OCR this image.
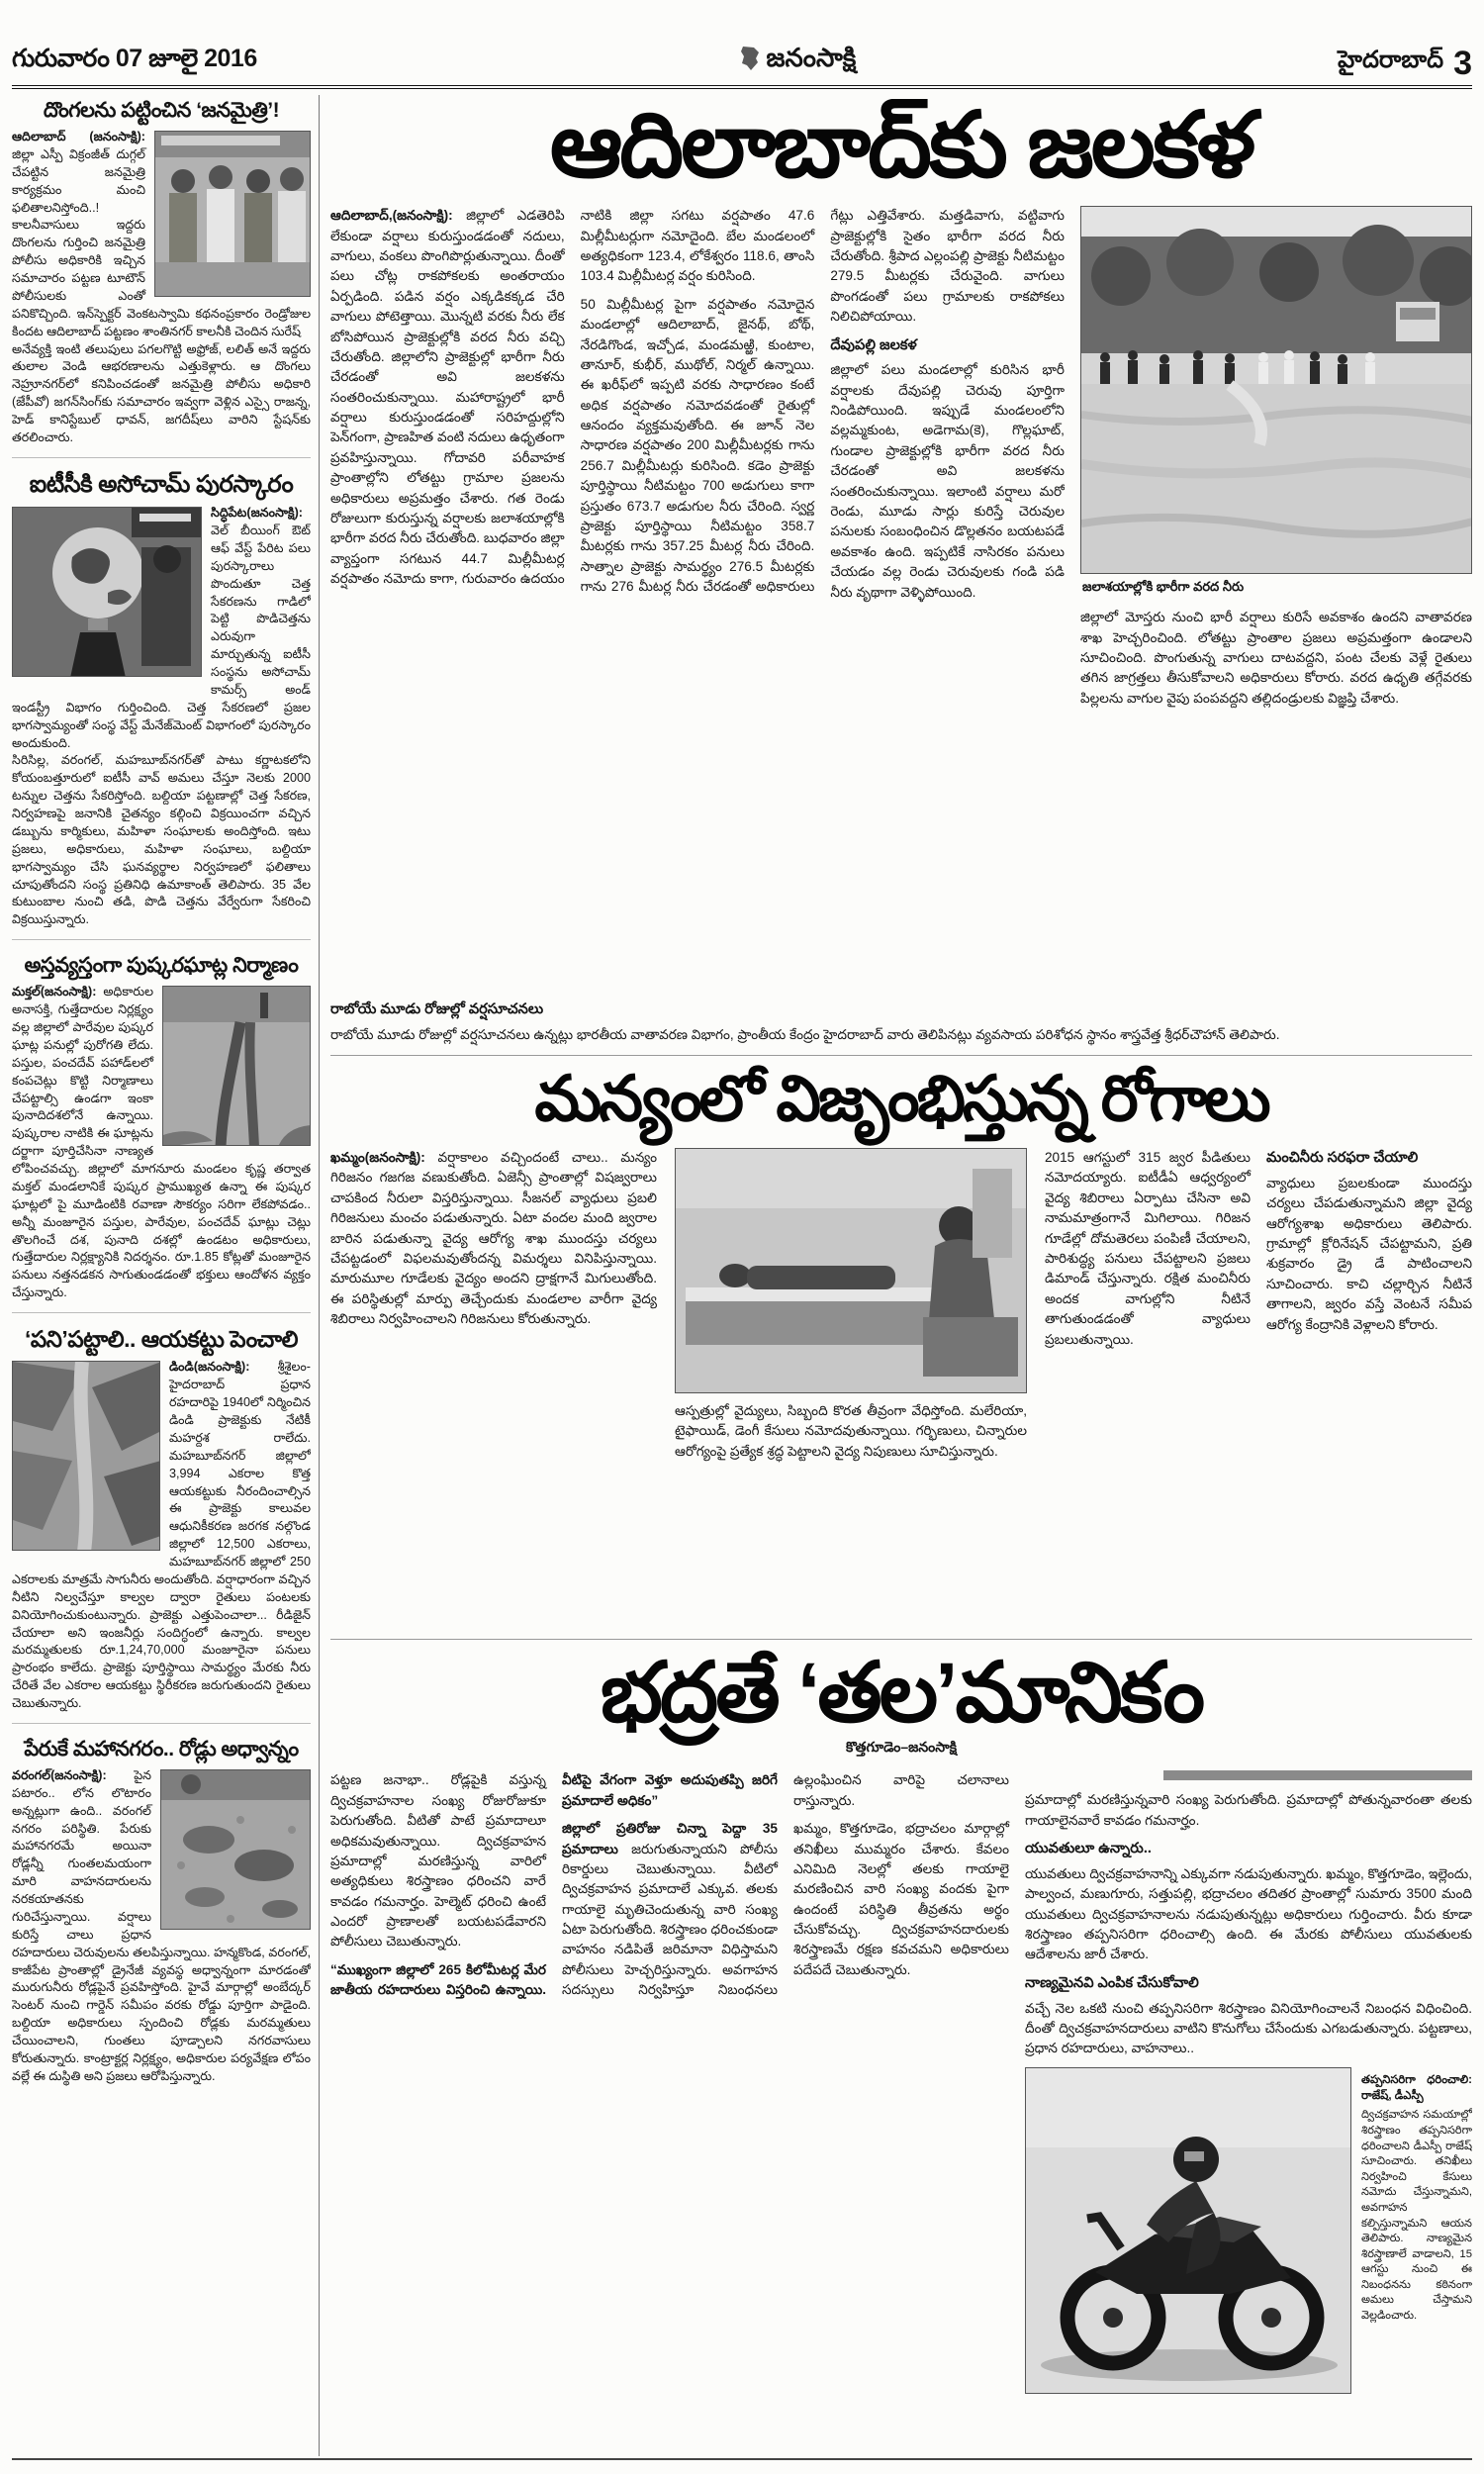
గురువారం 07 జూలై 2016	జనంసాక్షి	హైదరాబాద్ 3
దొంగలను పట్టించిన ‘జనమైత్రి’!

ఆదిలాబాద్ (జనంసాక్షి): జిల్లా ఎస్పీ విక్రంజీత్ దుగ్గల్ చేపట్టిన జనమైత్రి కార్యక్రమం మంచి ఫలితాలనిస్తోంది..! కాలనీవాసులు ఇద్దరు దొంగలను గుర్తించి జనమైత్రి పోలీసు అధికారికి ఇచ్చిన సమాచారం పట్టణ టూటౌన్ పోలీసులకు ఎంతో పనికొచ్చింది. ఇన్‌స్పెక్టర్ వెంకటస్వామి కథనంప్రకారం రెండ్రోజుల కిందట ఆదిలాబాద్ పట్టణం శాంతినగర్ కాలనీకి చెందిన సురేష్

అనేవ్యక్తి ఇంటి తలుపులు పగలగొట్టి అఫ్రోజ్, లలిత్ అనే ఇద్దరు తులాల వెండి ఆభరణాలను ఎత్తుకెళ్లారు. ఆ దొంగలు నెహ్రూనగర్‌లో కనిపించడంతో జనమైత్రి పోలీసు అధికారి (జేపీవో) జగన్‌సింగ్‌కు సమాచారం ఇవ్వగా వెళ్లిన ఎస్సై రాజన్న, హెడ్ కానిస్టేబుల్ ధావన్, జగదీష్‌లు వారిని స్టేషన్‌కు తరలించారు.

ఐటీసీకి అసోచామ్ పురస్కారం

సిద్ధిపేట(జనంసాక్షి): వెల్ బీయింగ్ ఔట్ ఆఫ్ వేస్ట్ పేరిట పలు పురస్కారాలు పొందుతూ చెత్త సేకరణను గాడిలో పెట్టి పొడిచెత్తను ఎరువుగా మార్చుతున్న ఐటీసీ సంస్థను అసోచామ్ కామర్స్ అండ్ ఇండస్ట్రీ విభాగం గుర్తించింది. చెత్త సేకరణలో ప్రజల భాగస్వామ్యంతో సంస్థ వేస్ట్ మేనేజ్‌మెంట్ విభాగంలో పురస్కారం అందుకుంది.

సిరిసిల్ల, వరంగల్, మహబూబ్‌నగర్‌తో పాటు కర్ణాటకలోని కోయంబత్తూరులో ఐటీసీ వావ్ అమలు చేస్తూ నెలకు 2000 టన్నుల చెత్తను సేకరిస్తోంది. బల్దియా పట్టణాల్లో చెత్త సేకరణ, నిర్వహణపై జనానికి చైతన్యం కల్గించి విక్రయించగా వచ్చిన డబ్బును కార్మికులు, మహిళా సంఘాలకు అందిస్తోంది. ఇటు ప్రజలు, అధికారులు, మహిళా సంఘాలు, బల్దియా భాగస్వామ్యం చేసి ఘనవ్యర్థాల నిర్వహణలో ఫలితాలు చూపుతోందని సంస్థ ప్రతినిధి ఉమాకాంత్ తెలిపారు. 35 వేల కుటుంబాల నుంచి తడి, పొడి చెత్తను వేర్వేరుగా సేకరించి విక్రయిస్తున్నారు.

అస్తవ్యస్తంగా పుష్కరఘాట్ల నిర్మాణం

మక్తల్(జనంసాక్షి): అధికారుల అనాసక్తి, గుత్తేదారుల నిర్లక్ష్యం వల్ల జిల్లాలో పారేవుల పుష్కర ఘాట్ల పనుల్లో పురోగతి లేదు. పస్తుల, పంచదేవ్ పహాడ్‌లలో కంపచెట్లు కొట్టి నిర్మాణాలు చేపట్టాల్సి ఉండగా ఇంకా పునాదిదశలోనే ఉన్నాయి. పుష్కరాల నాటికి ఈ ఘాట్లను దర్జాగా పూర్తిచేసినా నాణ్యత లోపించవచ్చు. జిల్లాలో మాగనూరు మండలం కృష్ణ తర్వాత మక్తల్ మండలానికే పుష్కర ప్రాముఖ్యత ఉన్నా ఈ పుష్కర ఘాట్లలో పై మూడింటికి రవాణా సౌకర్యం సరిగా లేకపోవడం.. అన్నీ మంజూరైన పస్తుల, పారేవుల, పంచదేవ్ ఘాట్లు చెట్లు తొలగించే దశ, పునాది దశల్లో ఉండటం అధికారులు, గుత్తేదారుల నిర్లక్ష్యానికి నిదర్శనం. రూ.1.85 కోట్లతో మంజూరైన పనులు నత్తనడకన సాగుతుండడంతో భక్తులు ఆందోళన వ్యక్తం చేస్తున్నారు.

‘పని’పట్టాలి.. ఆయకట్టు పెంచాలి

డిండి(జనంసాక్షి): శ్రీశైలం-హైదరాబాద్ ప్రధాన రహదారిపై 1940లో నిర్మించిన డిండి ప్రాజెక్టుకు నేటికీ మహర్దశ రాలేదు. మహబూబ్‌నగర్ జిల్లాలో 3,994 ఎకరాల కొత్త ఆయకట్టుకు నీరందించాల్సిన ఈ ప్రాజెక్టు కాలువల ఆధునికీకరణ జరగక నల్గొండ జిల్లాలో 12,500 ఎకరాలు, మహబూబ్‌నగర్ జిల్లాలో 250 ఎకరాలకు మాత్రమే సాగునీరు అందుతోంది. వర్షాధారంగా వచ్చిన నీటిని నిల్వచేస్తూ కాల్వల ద్వారా రైతులు పంటలకు వినియోగించుకుంటున్నారు. ప్రాజెక్టు ఎత్తుపెంచాలా... రీడిజైన్ చేయాలా అని ఇంజనీర్లు సందిగ్ధంలో ఉన్నారు. కాల్వల మరమ్మతులకు రూ.1,24,70,000 మంజూరైనా పనులు ప్రారంభం కాలేదు. ప్రాజెక్టు పూర్తిస్థాయి సామర్థ్యం మేరకు నీరు చేరితే వేల ఎకరాల ఆయకట్టు స్థిరీకరణ జరుగుతుందని రైతులు చెబుతున్నారు.

పేరుకే మహానగరం.. రోడ్లు అధ్వాన్నం

వరంగల్(జనంసాక్షి): పైన పటారం.. లోన లొటారం అన్నట్లుగా ఉంది.. వరంగల్ నగరం పరిస్థితి. పేరుకు మహానగరమే అయినా రోడ్లన్నీ గుంతలమయంగా మారి వాహనదారులను నరకయాతనకు గురిచేస్తున్నాయి. వర్షాలు కురిస్తే చాలు ప్రధాన రహదారులు చెరువులను తలపిస్తున్నాయి. హన్మకొండ, వరంగల్, కాజీపేట ప్రాంతాల్లో డ్రైనేజీ వ్యవస్థ అధ్వాన్నంగా మారడంతో మురుగునీరు రోడ్లపైనే ప్రవహిస్తోంది. హైవే మార్గాల్లో అంబేద్కర్ సెంటర్ నుంచి గార్డెన్ సమీపం వరకు రోడ్డు పూర్తిగా పాడైంది. బల్దియా అధికారులు స్పందించి రోడ్లకు మరమ్మతులు చేయించాలని, గుంతలు పూడ్చాలని నగరవాసులు కోరుతున్నారు. కాంట్రాక్టర్ల నిర్లక్ష్యం, అధికారుల పర్యవేక్షణ లోపం వల్లే ఈ దుస్థితి అని ప్రజలు ఆరోపిస్తున్నారు.

ఆదిలాబాద్‌కు జలకళ

ఆదిలాబాద్,(జనంసాక్షి): జిల్లాలో ఎడతెరిపి లేకుండా వర్షాలు కురుస్తుండడంతో నదులు, వాగులు, వంకలు పొంగిపొర్లుతున్నాయి. దీంతో పలు చోట్ల రాకపోకలకు అంతరాయం ఏర్పడింది. పడిన వర్షం ఎక్కడికక్కడ చేరి వాగులు పోటెత్తాయి. మొన్నటి వరకు నీరు లేక బోసిపోయిన ప్రాజెక్టుల్లోకి వరద నీరు వచ్చి చేరుతోంది. జిల్లాలోని ప్రాజెక్టుల్లో భారీగా నీరు చేరడంతో అవి జలకళను సంతరించుకున్నాయి. మహారాష్ట్రలో భారీ వర్షాలు కురుస్తుండడంతో సరిహద్దుల్లోని పెన్‌గంగా, ప్రాణహిత వంటి నదులు ఉధృతంగా ప్రవహిస్తున్నాయి. గోదావరి పరీవాహక ప్రాంతాల్లోని లోతట్టు గ్రామాల ప్రజలను అధికారులు అప్రమత్తం చేశారు. గత రెండు రోజులుగా కురుస్తున్న వర్షాలకు జలాశయాల్లోకి భారీగా వరద నీరు చేరుతోంది. బుధవారం జిల్లా వ్యాప్తంగా సగటున 44.7 మిల్లీమీటర్ల వర్షపాతం నమోదు కాగా, గురువారం ఉదయం నాటికి జిల్లా సగటు వర్షపాతం 47.6 మిల్లీమీటర్లుగా నమోదైంది. బేల మండలంలో అత్యధికంగా 123.4, లోకేశ్వరం 118.6, తాంసి 103.4 మిల్లీమీటర్ల వర్షం కురిసింది.

50 మిల్లీమీటర్ల పైగా వర్షపాతం నమోదైన మండలాల్లో ఆదిలాబాద్, జైనథ్, బోథ్, నేరడిగొండ, ఇచ్చోడ, మండమఱ్ఱి, కుంటాల, తానూర్, కుభీర్, ముథోల్, నిర్మల్ ఉన్నాయి. ఈ ఖరీఫ్‌లో ఇప్పటి వరకు సాధారణం కంటే అధిక వర్షపాతం నమోదవడంతో రైతుల్లో ఆనందం వ్యక్తమవుతోంది. ఈ జూన్ నెల సాధారణ వర్షపాతం 200 మిల్లీమీటర్లకు గాను 256.7 మిల్లీమీటర్లు కురిసింది. కడెం ప్రాజెక్టు పూర్తిస్థాయి నీటిమట్టం 700 అడుగులు కాగా ప్రస్తుతం 673.7 అడుగుల నీరు చేరింది. స్వర్ణ ప్రాజెక్టు పూర్తిస్థాయి నీటిమట్టం 358.7 మీటర్లకు గాను 357.25 మీటర్ల నీరు చేరింది. సాత్నాల ప్రాజెక్టు సామర్థ్యం 276.5 మీటర్లకు గాను 276 మీటర్ల నీరు చేరడంతో అధికారులు గేట్లు ఎత్తివేశారు. మత్తడివాగు, వట్టివాగు ప్రాజెక్టుల్లోకి సైతం భారీగా వరద నీరు చేరుతోంది. శ్రీపాద ఎల్లంపల్లి ప్రాజెక్టు నీటిమట్టం 279.5 మీటర్లకు చేరువైంది. వాగులు పొంగడంతో పలు గ్రామాలకు రాకపోకలు నిలిచిపోయాయి.

దేవుపల్లి జలకళ

జిల్లాలో పలు మండలాల్లో కురిసిన భారీ వర్షాలకు దేవుపల్లి చెరువు పూర్తిగా నిండిపోయింది. ఇప్పుడే మండలంలోని వల్లమ్మకుంట, అడెగామ(కె), గొల్లఘాట్, గుండాల ప్రాజెక్టుల్లోకి భారీగా వరద నీరు చేరడంతో అవి జలకళను సంతరించుకున్నాయి. ఇలాంటి వర్షాలు మరో రెండు, మూడు సార్లు కురిస్తే చెరువుల పనులకు సంబంధించిన డొల్లతనం బయటపడే అవకాశం ఉంది. ఇప్పటికే నాసిరకం పనులు చేయడం వల్ల రెండు చెరువులకు గండి పడి నీరు వృథాగా వెళ్ళిపోయింది.	జలాశయాల్లోకి భారీగా వరద నీరు

జిల్లాలో మోస్తరు నుంచి భారీ వర్షాలు కురిసే అవకాశం ఉందని వాతావరణ శాఖ హెచ్చరించింది. లోతట్టు ప్రాంతాల ప్రజలు అప్రమత్తంగా ఉండాలని సూచించింది. పొంగుతున్న వాగులు దాటవద్దని, పంట చేలకు వెళ్లే రైతులు తగిన జాగ్రత్తలు తీసుకోవాలని అధికారులు కోరారు. వరద ఉధృతి తగ్గేవరకు పిల్లలను వాగుల వైపు పంపవద్దని తల్లిదండ్రులకు విజ్ఞప్తి చేశారు.

రాబోయే మూడు రోజుల్లో వర్షసూచనలు

రాబోయే మూడు రోజుల్లో వర్షసూచనలు ఉన్నట్లు భారతీయ వాతావరణ విభాగం, ప్రాంతీయ కేంద్రం హైదరాబాద్ వారు తెలిపినట్లు వ్యవసాయ పరిశోధన స్థానం శాస్త్రవేత్త శ్రీధర్‌చౌహాన్ తెలిపారు.

మన్యంలో విజృంభిస్తున్న రోగాలు

ఖమ్మం(జనంసాక్షి): వర్షాకాలం వచ్చిందంటే చాలు.. మన్యం గిరిజనం గజగజ వణుకుతోంది. ఏజెన్సీ ప్రాంతాల్లో విషజ్వరాలు చాపకింద నీరులా విస్తరిస్తున్నాయి. సీజనల్ వ్యాధులు ప్రబలి గిరిజనులు మంచం పడుతున్నారు. ఏటా వందల మంది జ్వరాల బారిన పడుతున్నా వైద్య ఆరోగ్య శాఖ ముందస్తు చర్యలు చేపట్టడంలో విఫలమవుతోందన్న విమర్శలు వినిపిస్తున్నాయి. మారుమూల గూడేలకు వైద్యం అందని ద్రాక్షగానే మిగులుతోంది. ఈ పరిస్థితుల్లో మార్పు తెచ్చేందుకు మండలాల వారీగా వైద్య శిబిరాలు నిర్వహించాలని గిరిజనులు కోరుతున్నారు.

ఆస్పత్రుల్లో వైద్యులు, సిబ్బంది కొరత తీవ్రంగా వేధిస్తోంది. మలేరియా, టైఫాయిడ్, డెంగీ కేసులు నమోదవుతున్నాయి. గర్భిణులు, చిన్నారుల ఆరోగ్యంపై ప్రత్యేక శ్రద్ధ పెట్టాలని వైద్య నిపుణులు సూచిస్తున్నారు.

2015 ఆగస్టులో 315 జ్వర పీడితులు నమోదయ్యారు. ఐటీడీఏ ఆధ్వర్యంలో వైద్య శిబిరాలు ఏర్పాటు చేసినా అవి నామమాత్రంగానే మిగిలాయి. గిరిజన గూడేల్లో దోమతెరలు పంపిణీ చేయాలని, పారిశుద్ధ్య పనులు చేపట్టాలని ప్రజలు డిమాండ్ చేస్తున్నారు. రక్షిత మంచినీరు అందక వాగుల్లోని నీటినే తాగుతుండడంతో వ్యాధులు ప్రబలుతున్నాయి.

మంచినీరు సరఫరా చేయాలి

వ్యాధులు ప్రబలకుండా ముందస్తు చర్యలు చేపడుతున్నామని జిల్లా వైద్య ఆరోగ్యశాఖ అధికారులు తెలిపారు. గ్రామాల్లో క్లోరినేషన్ చేపట్టామని, ప్రతి శుక్రవారం డ్రై డే పాటించాలని సూచించారు. కాచి చల్లార్చిన నీటినే తాగాలని, జ్వరం వస్తే వెంటనే సమీప ఆరోగ్య కేంద్రానికి వెళ్లాలని కోరారు.

భద్రతే ‘తల’మానికం
కొత్తగూడెం–జనంసాక్షి

పట్టణ జనాభా.. రోడ్లపైకి వస్తున్న ద్విచక్రవాహనాల సంఖ్య రోజురోజుకూ పెరుగుతోంది. వీటితో పాటే ప్రమాదాలూ అధికమవుతున్నాయి. ద్విచక్రవాహన ప్రమాదాల్లో మరణిస్తున్న వారిలో అత్యధికులు శిరస్త్రాణం ధరించని వారే కావడం గమనార్హం. హెల్మెట్ ధరించి ఉంటే ఎందరో ప్రాణాలతో బయటపడేవారని పోలీసులు చెబుతున్నారు.

“ముఖ్యంగా జిల్లాలో 265 కిలోమీటర్ల మేర జాతీయ రహదారులు విస్తరించి ఉన్నాయి. వీటిపై వేగంగా వెళ్తూ అదుపుతప్పి జరిగే ప్రమాదాలే అధికం”

జిల్లాలో ప్రతిరోజు చిన్నా పెద్దా 35 ప్రమాదాలు జరుగుతున్నాయని పోలీసు రికార్డులు చెబుతున్నాయి. వీటిలో ద్విచక్రవాహన ప్రమాదాలే ఎక్కువ. తలకు గాయాలై మృతిచెందుతున్న వారి సంఖ్య ఏటా పెరుగుతోంది. శిరస్త్రాణం ధరించకుండా వాహనం నడిపితే జరిమానా విధిస్తామని పోలీసులు హెచ్చరిస్తున్నారు. అవగాహన సదస్సులు నిర్వహిస్తూ నిబంధనలు ఉల్లంఘించిన వారిపై చలానాలు రాస్తున్నారు.

ఖమ్మం, కొత్తగూడెం, భద్రాచలం మార్గాల్లో తనిఖీలు ముమ్మరం చేశారు. కేవలం ఎనిమిది నెలల్లో తలకు గాయాలై మరణించిన వారి సంఖ్య వందకు పైగా ఉందంటే పరిస్థితి తీవ్రతను అర్థం చేసుకోవచ్చు. ద్విచక్రవాహనదారులకు శిరస్త్రాణమే రక్షణ కవచమని అధికారులు పదేపదే చెబుతున్నారు.

ప్రమాదాల్లో మరణిస్తున్నవారి సంఖ్య పెరుగుతోంది. ప్రమాదాల్లో పోతున్నవారంతా తలకు గాయాలైనవారే కావడం గమనార్హం.

యువతులూ ఉన్నారు..

యువతులు ద్విచక్రవాహనాన్ని ఎక్కువగా నడుపుతున్నారు. ఖమ్మం, కొత్తగూడెం, ఇల్లెందు, పాల్వంచ, మణుగూరు, సత్తుపల్లి, భద్రాచలం తదితర ప్రాంతాల్లో సుమారు 3500 మంది యువతులు ద్విచక్రవాహనాలను నడుపుతున్నట్లు అధికారులు గుర్తించారు. వీరు కూడా శిరస్త్రాణం తప్పనిసరిగా ధరించాల్సి ఉంది. ఈ మేరకు పోలీసులు యువతులకు ఆదేశాలను జారీ చేశారు.

నాణ్యమైనవి ఎంపిక చేసుకోవాలి

వచ్చే నెల ఒకటి నుంచి తప్పనిసరిగా శిరస్త్రాణం వినియోగించాలనే నిబంధన విధించింది. దీంతో ద్విచక్రవాహనదారులు వాటిని కొనుగోలు చేసేందుకు ఎగబడుతున్నారు. పట్టణాలు, ప్రధాన రహదారులు, వాహనాలు..

తప్పనిసరిగా ధరించాలి: రాజేష్, డీఎస్పీ

ద్విచక్రవాహన సమయాల్లో శిరస్త్రాణం తప్పనిసరిగా ధరించాలని డీఎస్పీ రాజేష్ సూచించారు. తనిఖీలు నిర్వహించి కేసులు నమోదు చేస్తున్నామని, అవగాహన కల్పిస్తున్నామని ఆయన తెలిపారు. నాణ్యమైన శిరస్త్రాణాలే వాడాలని, 15 ఆగస్టు నుంచి ఈ నిబంధనను కఠినంగా అమలు చేస్తామని వెల్లడించారు.
